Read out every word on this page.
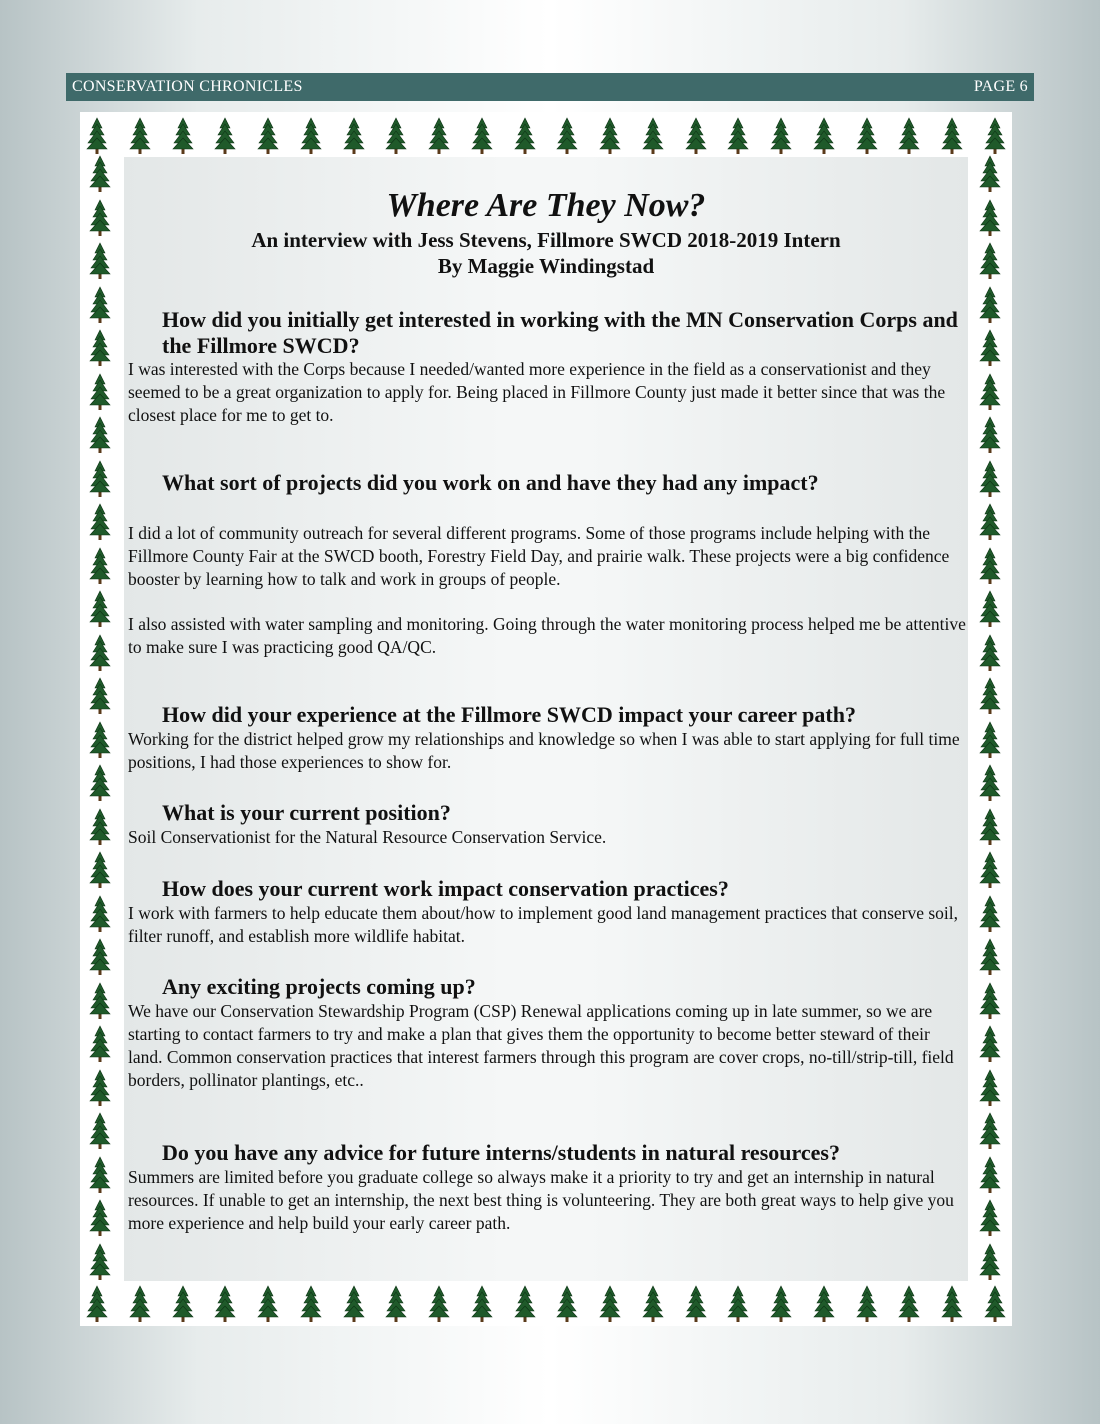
CONSERVATION CHRONICLES	PAGE 6
Where Are They Now?
An interview with Jess Stevens, Fillmore SWCD 2018-2019 Intern
By Maggie Windingstad
How did you initially get interested in working with the MN Conservation Corps and the Fillmore SWCD?
I was interested with the Corps because I needed/wanted more experience in the field as a conservationist and they seemed to be a great organization to apply for. Being placed in Fillmore County just made it better since that was the closest place for me to get to.
What sort of projects did you work on and have they had any impact?
I did a lot of community outreach for several different programs. Some of those programs include helping with the Fillmore County Fair at the SWCD booth, Forestry Field Day, and prairie walk. These projects were a big confidence booster by learning how to talk and work in groups of people.
I also assisted with water sampling and monitoring. Going through the water monitoring process helped me be attentive to make sure I was practicing good QA/QC.
How did your experience at the Fillmore SWCD impact your career path?
Working for the district helped grow my relationships and knowledge so when I was able to start applying for full time positions, I had those experiences to show for.
What is your current position?
Soil Conservationist for the Natural Resource Conservation Service.
How does your current work impact conservation practices?
I work with farmers to help educate them about/how to implement good land management practices that conserve soil, filter runoff, and establish more wildlife habitat.
Any exciting projects coming up?
We have our Conservation Stewardship Program (CSP) Renewal applications coming up in late summer, so we are starting to contact farmers to try and make a plan that gives them the opportunity to become better steward of their land. Common conservation practices that interest farmers through this program are cover crops, no-till/strip-till, field borders, pollinator plantings, etc..
Do you have any advice for future interns/students in natural resources?
Summers are limited before you graduate college so always make it a priority to try and get an internship in natural resources. If unable to get an internship, the next best thing is volunteering. They are both great ways to help give you more experience and help build your early career path.
